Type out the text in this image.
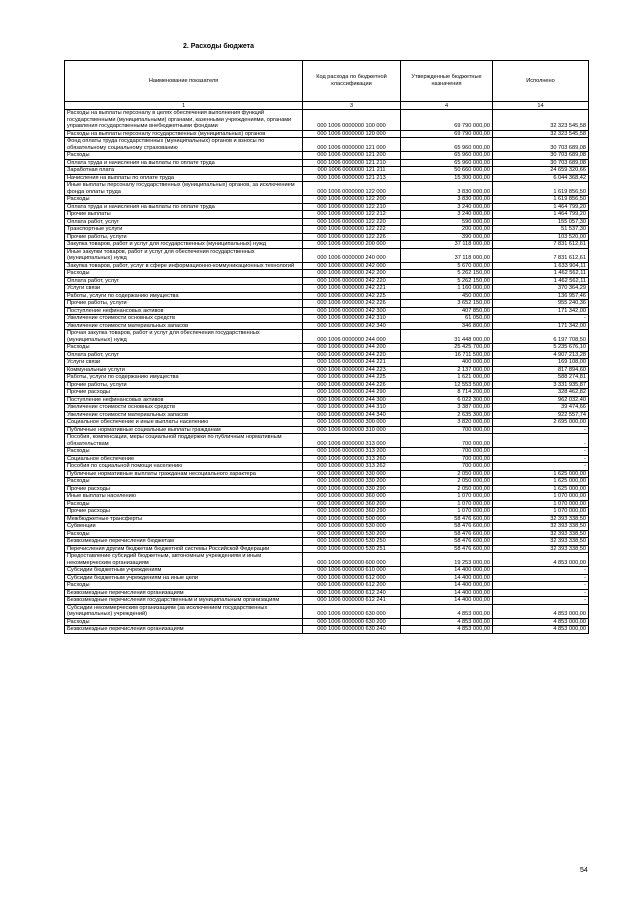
2. Расходы бюджета
Наименование показателя	Код расхода по бюджетной классификации	Утвержденные бюджетные назначения	Исполнено
1	3	4	14
Расходы на выплаты персоналу в целях обеспечения выполнения функций государственными (муниципальными) органами, казенными учреждениями, органами управления государственными внебюджетными фондами	000 1006 0000000 100 000	69 790 000,00	32 323 545,58
Расходы на выплаты персоналу государственных (муниципальных) органов	000 1006 0000000 120 000	69 790 000,00	32 323 545,58
Фонд оплаты труда государственных (муниципальных) органов и взносы по обязательному социальному страхованию	000 1006 0000000 121 000	65 960 000,00	30 703 689,08
Расходы	000 1006 0000000 121 200	65 960 000,00	30 703 689,08
Оплата труда и начисления на выплаты по оплате труда	000 1006 0000000 121 210	65 960 000,00	30 703 689,08
Заработная плата	000 1006 0000000 121 211	50 660 000,00	24 659 320,66
Начисления на выплаты по оплате труда	000 1006 0000000 121 213	15 300 000,00	6 044 368,42
Иные выплаты персоналу государственных (муниципальных) органов, за исключением фонда оплаты труда	000 1006 0000000 122 000	3 830 000,00	1 619 856,50
Расходы	000 1006 0000000 122 200	3 830 000,00	1 619 856,50
Оплата труда и начисления на выплаты по оплате труда	000 1006 0000000 122 210	3 240 000,00	1 464 799,20
Прочие выплаты	000 1006 0000000 122 212	3 240 000,00	1 464 799,20
Оплата работ, услуг	000 1006 0000000 122 220	590 000,00	155 057,30
Транспортные услуги	000 1006 0000000 122 222	200 000,00	51 537,30
Прочие работы, услуги	000 1006 0000000 122 226	390 000,00	103 520,00
Закупка товаров, работ и услуг для государственных (муниципальных) нужд	000 1006 0000000 200 000	37 118 000,00	7 831 612,61
Иные закупки товаров, работ и услуг для обеспечения государственных (муниципальных) нужд	000 1006 0000000 240 000	37 118 000,00	7 831 612,61
Закупка товаров, работ, услуг в сфере информационно-коммуникационных технологий	000 1006 0000000 242 000	5 670 000,00	1 633 904,11
Расходы	000 1006 0000000 242 200	5 262 150,00	1 462 562,11
Оплата работ, услуг	000 1006 0000000 242 220	5 262 150,00	1 462 562,11
Услуги связи	000 1006 0000000 242 221	1 160 000,00	370 364,29
Работы, услуги по содержанию имущества	000 1006 0000000 242 225	450 000,00	136 957,46
Прочие работы, услуги	000 1006 0000000 242 226	3 652 150,00	955 240,36
Поступление нефинансовых активов	000 1006 0000000 242 300	407 850,00	171 342,00
Увеличение стоимости основных средств	000 1006 0000000 242 310	61 050,00	-
Увеличение стоимости материальных запасов	000 1006 0000000 242 340	346 800,00	171 342,00
Прочая закупка товаров, работ и услуг для обеспечения государственных (муниципальных) нужд	000 1006 0000000 244 000	31 448 000,00	6 197 708,50
Расходы	000 1006 0000000 244 200	25 425 700,00	5 235 676,10
Оплата работ, услуг	000 1006 0000000 244 220	16 711 500,00	4 907 213,28
Услуги связи	000 1006 0000000 244 221	400 000,00	169 108,00
Коммунальные услуги	000 1006 0000000 244 223	2 137 000,00	817 894,60
Работы, услуги по содержанию имущества	000 1006 0000000 244 225	1 621 000,00	588 274,81
Прочие работы, услуги	000 1006 0000000 244 226	12 553 500,00	3 331 935,87
Прочие расходы	000 1006 0000000 244 290	8 714 200,00	328 462,82
Поступление нефинансовых активов	000 1006 0000000 244 300	6 022 300,00	962 032,40
Увеличение стоимости основных средств	000 1006 0000000 244 310	3 387 000,00	39 474,66
Увеличение стоимости материальных запасов	000 1006 0000000 244 340	2 635 300,00	922 557,74
Социальное обеспечение и иные выплаты населению	000 1006 0000000 300 000	3 820 000,00	2 695 000,00
Публичные нормативные социальные выплаты гражданам	000 1006 0000000 310 000	700 000,00	-
Пособия, компенсации, меры социальной поддержки по публичным нормативным обязательствам	000 1006 0000000 313 000	700 000,00	-
Расходы	000 1006 0000000 313 200	700 000,00	-
Социальное обеспечение	000 1006 0000000 313 260	700 000,00	-
Пособия по социальной помощи населению	000 1006 0000000 313 262	700 000,00	-
Публичные нормативные выплаты гражданам несоциального характера	000 1006 0000000 330 000	2 050 000,00	1 625 000,00
Расходы	000 1006 0000000 330 200	2 050 000,00	1 625 000,00
Прочие расходы	000 1006 0000000 330 290	2 050 000,00	1 625 000,00
Иные выплаты населению	000 1006 0000000 360 000	1 070 000,00	1 070 000,00
Расходы	000 1006 0000000 360 200	1 070 000,00	1 070 000,00
Прочие расходы	000 1006 0000000 360 290	1 070 000,00	1 070 000,00
Межбюджетные трансферты	000 1006 0000000 500 000	58 476 600,00	32 393 338,50
Субвенции	000 1006 0000000 530 000	58 476 600,00	32 393 338,50
Расходы	000 1006 0000000 530 200	58 476 600,00	32 393 338,50
Безвозмездные перечисления бюджетам	000 1006 0000000 530 250	58 476 600,00	32 393 338,50
Перечисления другим бюджетам бюджетной системы Российской Федерации	000 1006 0000000 530 251	58 476 600,00	32 393 338,50
Предоставление субсидий бюджетным, автономным учреждениям и иным некоммерческим организациям	000 1006 0000000 600 000	19 253 000,00	4 853 000,00
Субсидии бюджетным учреждениям	000 1006 0000000 610 000	14 400 000,00	-
Субсидии бюджетным учреждениям на иные цели	000 1006 0000000 612 000	14 400 000,00	-
Расходы	000 1006 0000000 612 200	14 400 000,00	-
Безвозмездные перечисления организациям	000 1006 0000000 612 240	14 400 000,00	-
Безвозмездные перечисления государственным и муниципальным организациям	000 1006 0000000 612 241	14 400 000,00	-
Субсидии некоммерческим организациям (за исключением государственных (муниципальных) учреждений)	000 1006 0000000 630 000	4 853 000,00	4 853 000,00
Расходы	000 1006 0000000 630 200	4 853 000,00	4 853 000,00
Безвозмездные перечисления организациям	000 1006 0000000 630 240	4 853 000,00	4 853 000,00
54
